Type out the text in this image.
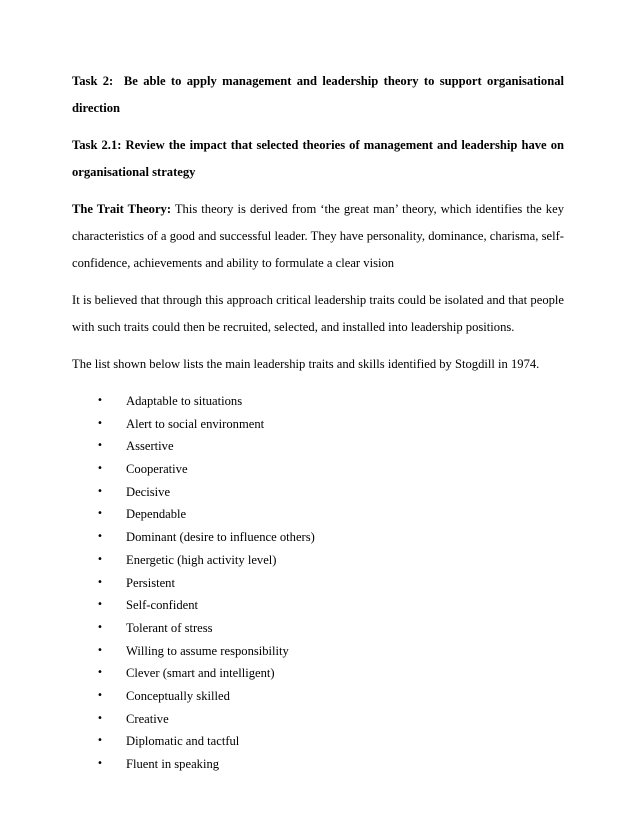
Task 2: Be able to apply management and leadership theory to support organisational direction

Task 2.1: Review the impact that selected theories of management and leadership have on organisational strategy

The Trait Theory: This theory is derived from ‘the great man’ theory, which identifies the key characteristics of a good and successful leader. They have personality, dominance, charisma, self-confidence, achievements and ability to formulate a clear vision

It is believed that through this approach critical leadership traits could be isolated and that people with such traits could then be recruited, selected, and installed into leadership positions.

The list shown below lists the main leadership traits and skills identified by Stogdill in 1974.

• Adaptable to situations
• Alert to social environment
• Assertive
• Cooperative
• Decisive
• Dependable
• Dominant (desire to influence others)
• Energetic (high activity level)
• Persistent
• Self-confident
• Tolerant of stress
• Willing to assume responsibility
• Clever (smart and intelligent)
• Conceptually skilled
• Creative
• Diplomatic and tactful
• Fluent in speaking
